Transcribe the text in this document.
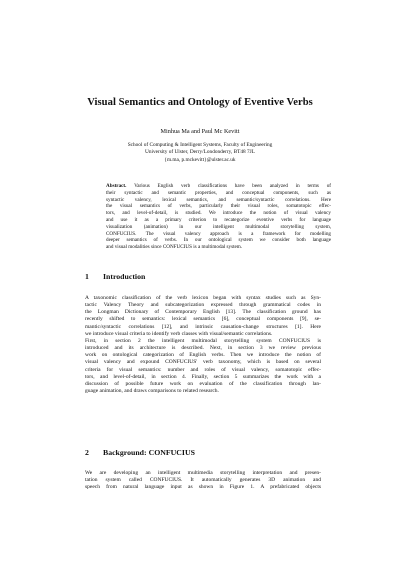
Visual Semantics and Ontology of Eventive Verbs
Minhua Ma and Paul Mc Kevitt
School of Computing & Intelligent Systems, Faculty of Engineering
University of Ulster, Derry/Londonderry, BT48 7JL
{m.ma, p.mckevitt}@ulster.ac.uk
Abstract. Various English verb classifications have been analyzed in terms of
their syntactic and semantic properties, and conceptual components, such as
syntactic valency, lexical semantics, and semantic/syntactic correlations. Here
the visual semantics of verbs, particularly their visual roles, somatotopic effec-
tors, and level-of-detail, is studied. We introduce the notion of visual valency
and use it as a primary criterion to recategorize eventive verbs for language
visualization (animation) in our intelligent multimodal storytelling system,
CONFUCIUS. The visual valency approach is a framework for modelling
deeper semantics of verbs. In our ontological system we consider both language
and visual modalities since CONFUCIUS is a multimodal system.
1 Introduction
A taxonomic classification of the verb lexicon began with syntax studies such as Syn-
tactic Valency Theory and subcategorization expressed through grammatical codes in
the Longman Dictionary of Contemporary English [13]. The classification ground has
recently shifted to semantics: lexical semantics [6], conceptual components [9], se-
mantic/syntactic correlations [12], and intrinsic causation-change structures [1]. Here
we introduce visual criteria to identify verb classes with visual/semantic correlations.
First, in section 2 the intelligent multimodal storytelling system CONFUCIUS is
introduced and its architecture is described. Next, in section 3 we review previous
work on ontological categorization of English verbs. Then we introduce the notion of
visual valency and expound CONFUCIUS' verb taxonomy, which is based on several
criteria for visual semantics: number and roles of visual valency, somatotopic effec-
tors, and level-of-detail, in section 4. Finally, section 5 summarizes the work with a
discussion of possible future work on evaluation of the classification through lan-
guage animation, and draws comparisons to related research.
2 Background: CONFUCIUS
We are developing an intelligent multimedia storytelling interpretation and presen-
tation system called CONFUCIUS. It automatically generates 3D animation and
speech from natural language input as shown in Figure 1. A prefabricated objects
